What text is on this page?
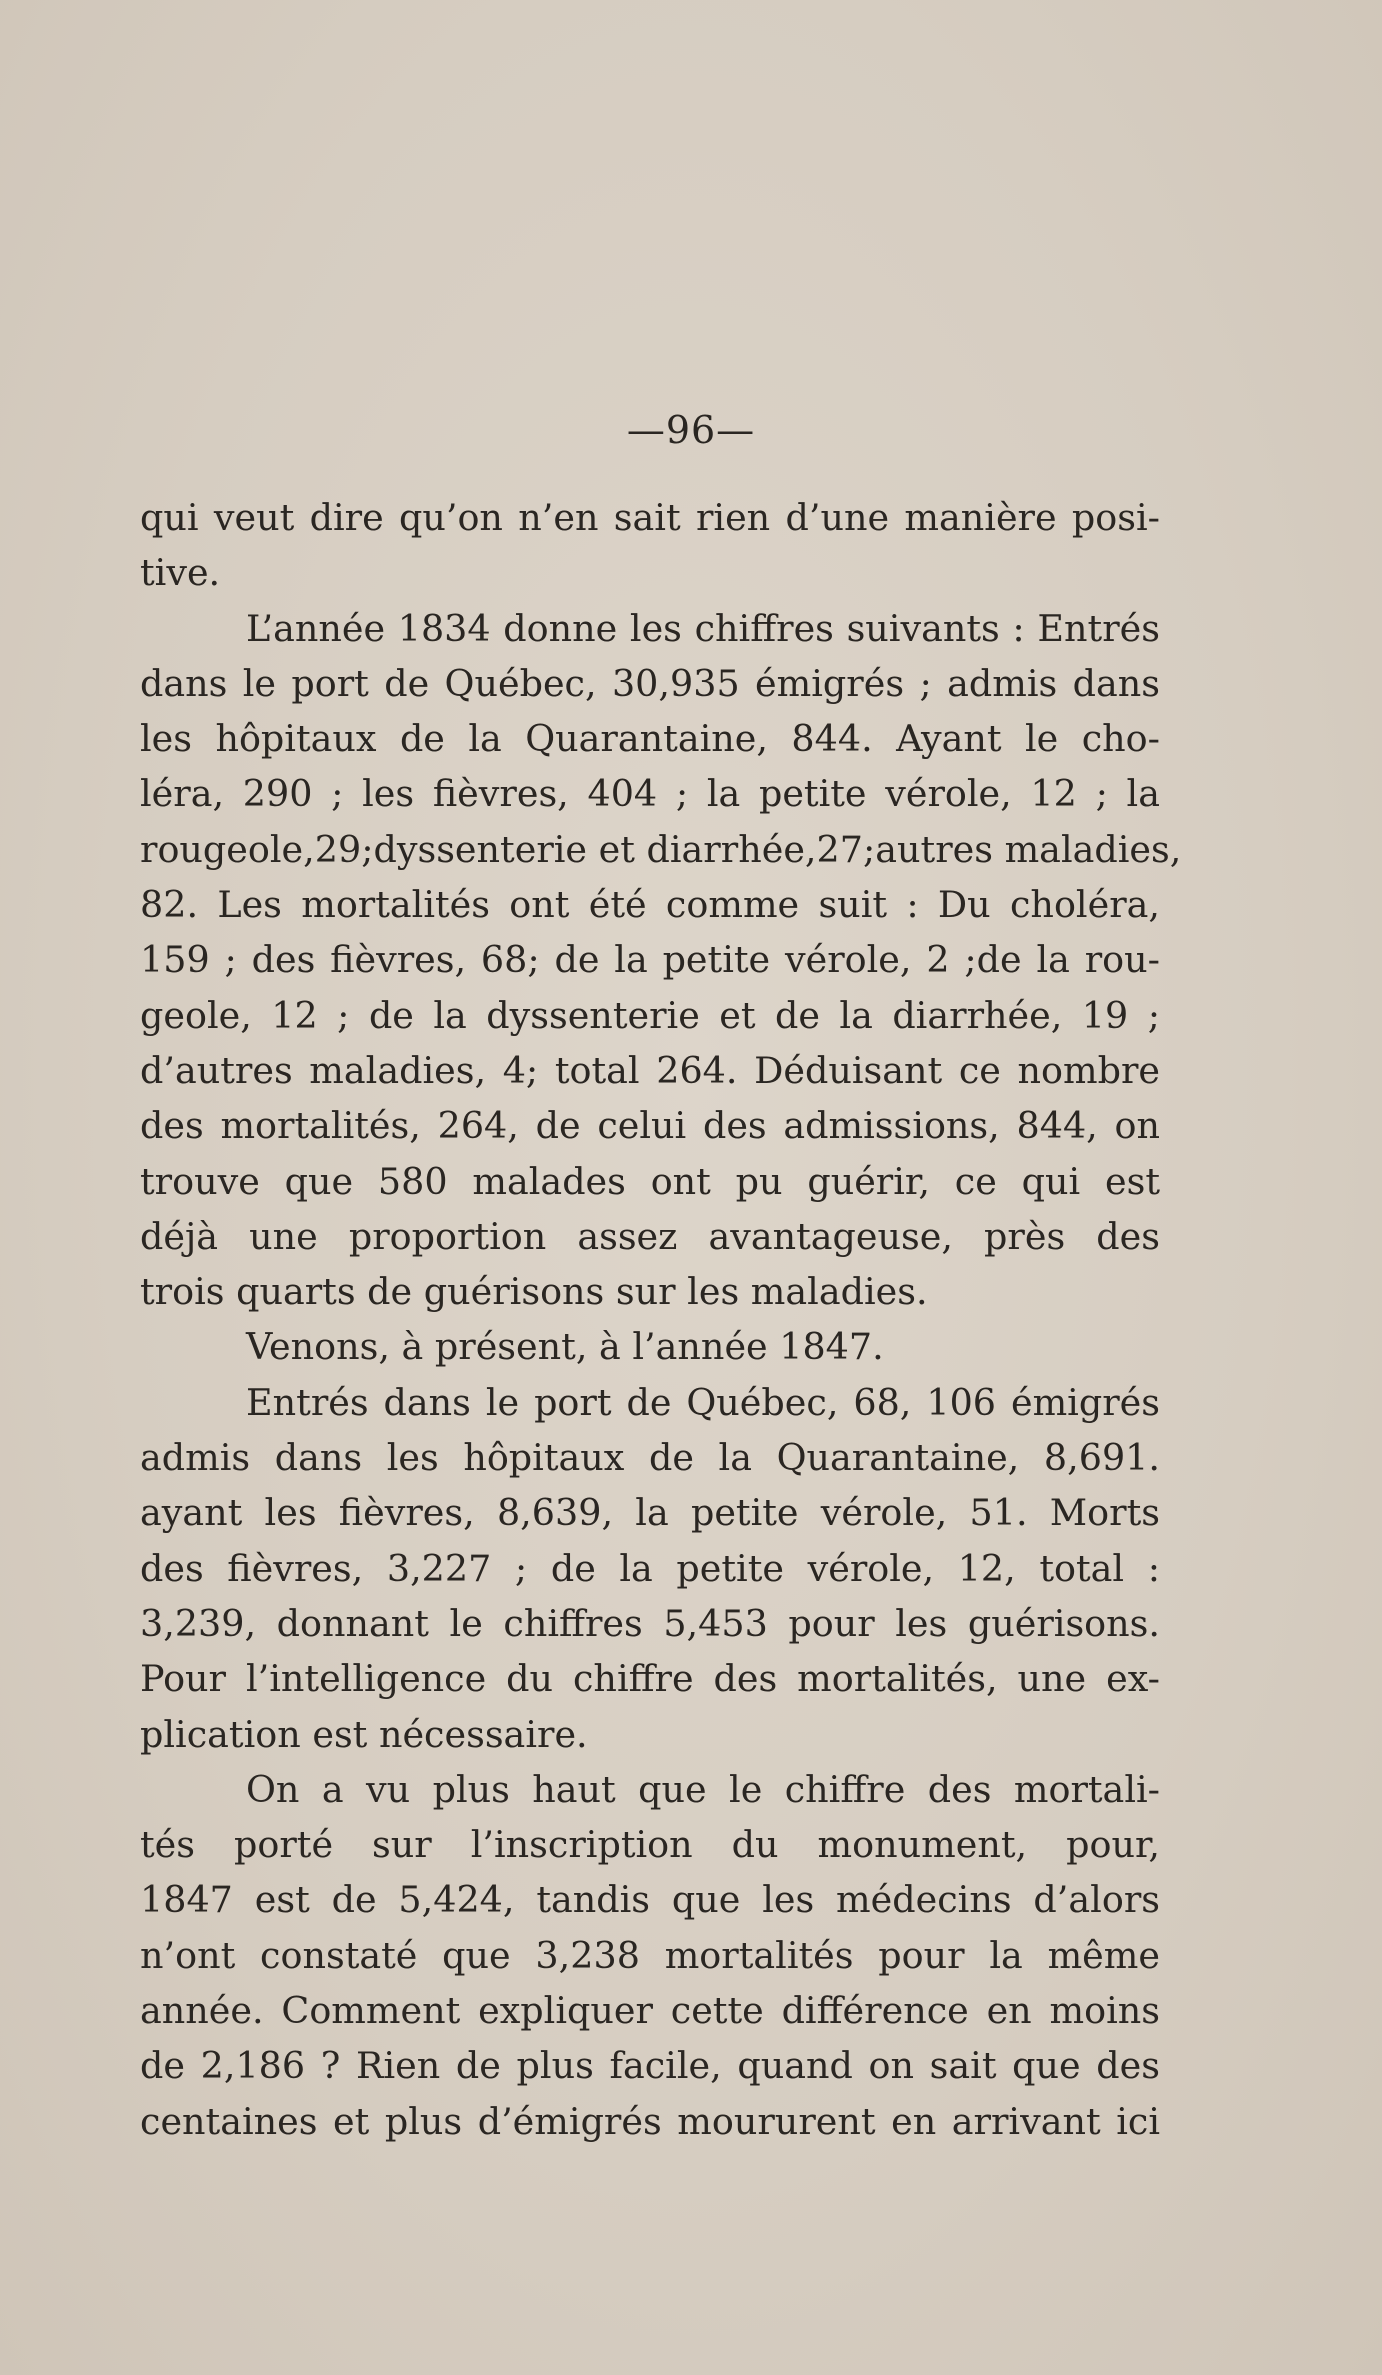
—96—
qui veut dire qu’on n’en sait rien d’une manière posi-
tive.
L’année 1834 donne les chiffres suivants : Entrés
dans le port de Québec, 30,935 émigrés ; admis dans
les hôpitaux de la Quarantaine, 844. Ayant le cho-
léra, 290 ; les fièvres, 404 ; la petite vérole, 12 ; la
rougeole,29;dyssenterie et diarrhée,27;autres maladies,
82. Les mortalités ont été comme suit : Du choléra,
159 ; des fièvres, 68; de la petite vérole, 2 ;de la rou-
geole, 12 ; de la dyssenterie et de la diarrhée, 19 ;
d’autres maladies, 4; total 264. Déduisant ce nombre
des mortalités, 264, de celui des admissions, 844, on
trouve que 580 malades ont pu guérir, ce qui est
déjà une proportion assez avantageuse, près des
trois quarts de guérisons sur les maladies.
Venons, à présent, à l’année 1847.
Entrés dans le port de Québec, 68, 106 émigrés
admis dans les hôpitaux de la Quarantaine, 8,691.
ayant les fièvres, 8,639, la petite vérole, 51. Morts
des fièvres, 3,227 ; de la petite vérole, 12, total :
3,239, donnant le chiffres 5,453 pour les guérisons.
Pour l’intelligence du chiffre des mortalités, une ex-
plication est nécessaire.
On a vu plus haut que le chiffre des mortali-
tés porté sur l’inscription du monument, pour,
1847 est de 5,424, tandis que les médecins d’alors
n’ont constaté que 3,238 mortalités pour la même
année. Comment expliquer cette différence en moins
de 2,186 ? Rien de plus facile, quand on sait que des
centaines et plus d’émigrés moururent en arrivant ici
